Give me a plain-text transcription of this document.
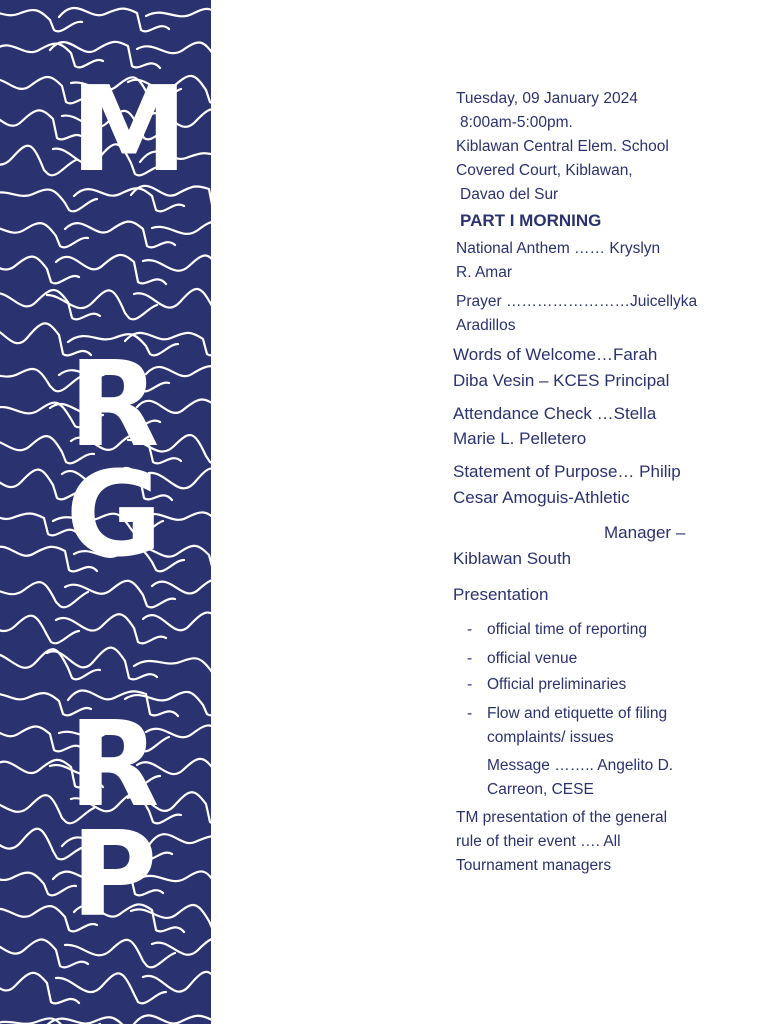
M
R
G
R
P
Tuesday, 09 January 2024
8:00am-5:00pm.
Kiblawan Central Elem. School
Covered Court, Kiblawan,
Davao del Sur
PART I MORNING
National Anthem …… Kryslyn
R. Amar
Prayer ……………………Juicellyka
Aradillos
Words of Welcome…Farah
Diba Vesin – KCES Principal
Attendance Check …Stella
Marie L. Pelletero
Statement of Purpose… Philip
Cesar Amoguis-Athletic
Manager –
Kiblawan South
Presentation
- official time of reporting
- official venue
- Official preliminaries
- Flow and etiquette of filing
complaints/ issues
Message …….. Angelito D.
Carreon, CESE
TM presentation of the general
rule of their event …. All
Tournament managers
